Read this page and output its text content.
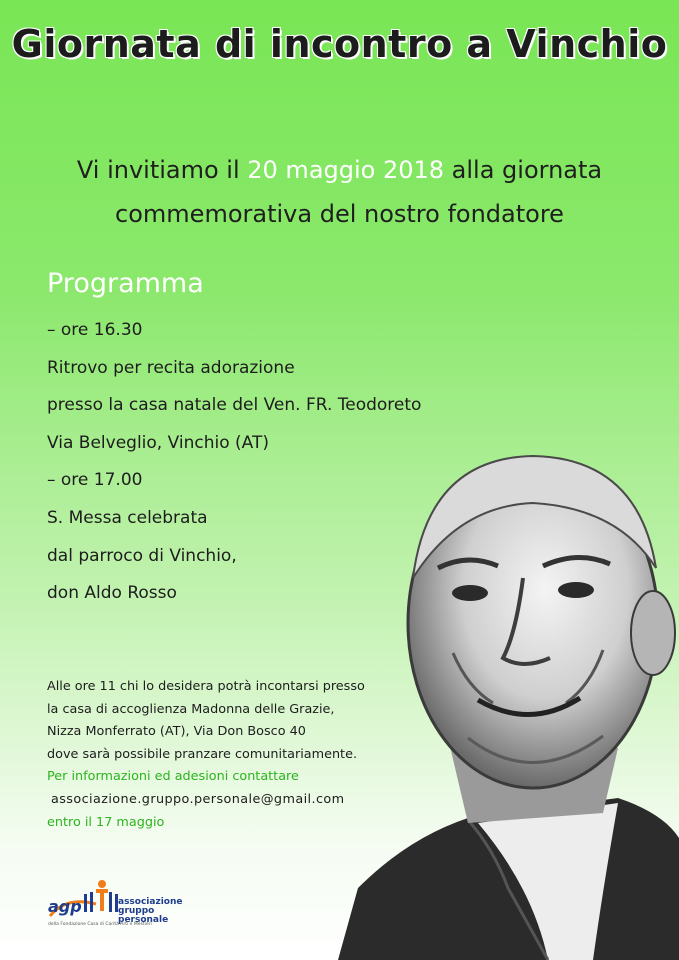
Giornata di incontro a Vinchio
Vi invitiamo il 20 maggio 2018 alla giornata
commemorativa del nostro fondatore
Programma
– ore 16.30
Ritrovo per recita adorazione
presso la casa natale del Ven. FR. Teodoreto
Via Belveglio, Vinchio (AT)
– ore 17.00
S. Messa celebrata
dal parroco di Vinchio,
don Aldo Rosso
Alle ore 11 chi lo desidera potrà incontarsi presso
la casa di accoglienza Madonna delle Grazie,
Nizza Monferrato (AT), Via Don Bosco 40
dove sarà possibile pranzare comunitariamente.
Per informazioni ed adesioni contattare
associazione.gruppo.personale@gmail.com
entro il 17 maggio
agp	associazione
gruppo
personale
della Fondazione Casa di Carità Arti e Mestieri
